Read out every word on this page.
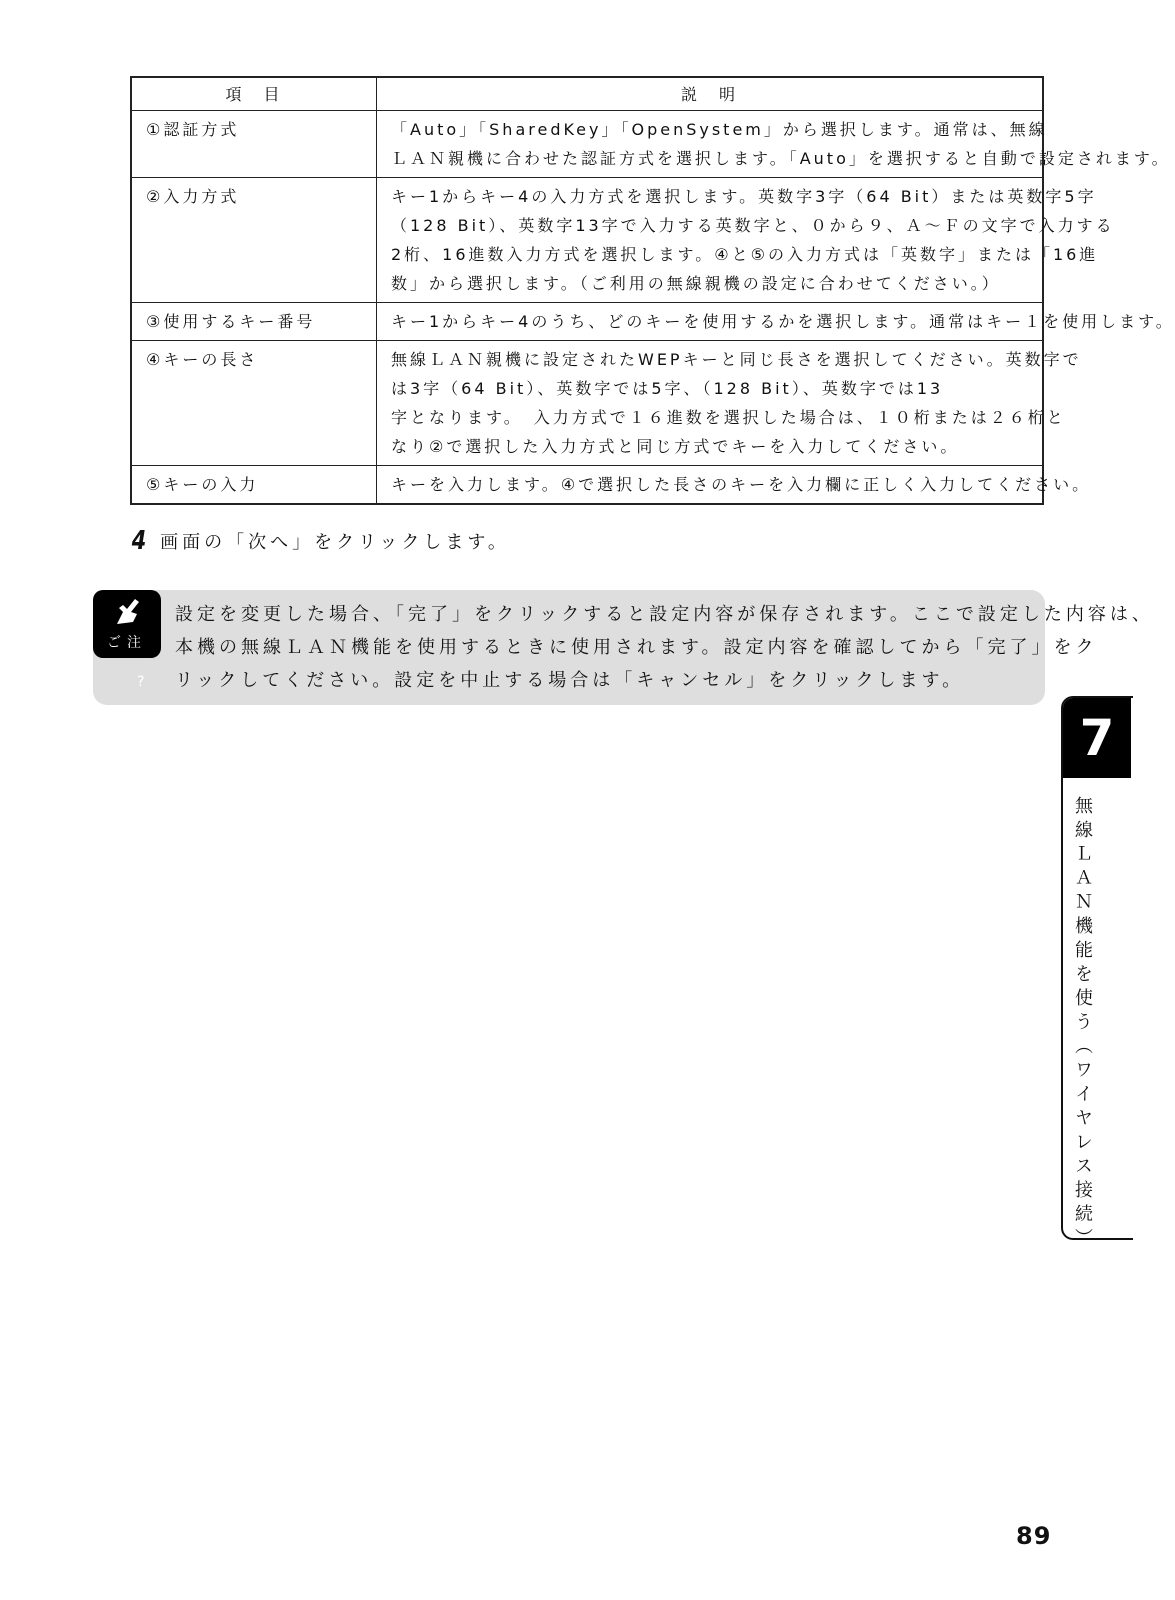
項　目	説　明
①認証方式	「Auto」「SharedKey」「OpenSystem」から選択します。通常は、無線
ＬＡＮ親機に合わせた認証方式を選択します。「Auto」を選択すると自動で設定されます。

②入力方式	キー1からキー4の入力方式を選択します。英数字3字（64 Bit）または英数字5字
（128 Bit）、英数字13字で入力する英数字と、０から９、Ａ〜Ｆの文字で入力する
2桁、16進数入力方式を選択します。④と⑤の入力方式は「英数字」または「16進
数」から選択します。（ご利用の無線親機の設定に合わせてください。）

③使用するキー番号	キー1からキー4のうち、どのキーを使用するかを選択します。通常はキー１を使用します。

④キーの長さ	無線ＬＡＮ親機に設定されたWEPキーと同じ長さを選択してください。英数字で
は3字（64 Bit）、英数字では5字、（128 Bit）、英数字では13
字となります。　入力方式で１６進数を選択した場合は、１０桁または２６桁と
なり②で選択した入力方式と同じ方式でキーを入力してください。

⑤キーの入力	キーを入力します。④で選択した長さのキーを入力欄に正しく入力してください。
4 画面の「次へ」をクリックします。
ご注
?
設定を変更した場合、「完了」をクリックすると設定内容が保存されます。ここで設定した内容は、
本機の無線ＬＡＮ機能を使用するときに使用されます。設定内容を確認してから「完了」をク
リックしてください。設定を中止する場合は「キャンセル」をクリックします。
7
無線ＬＡＮ機能を使う（ワイヤレス接続）
89
